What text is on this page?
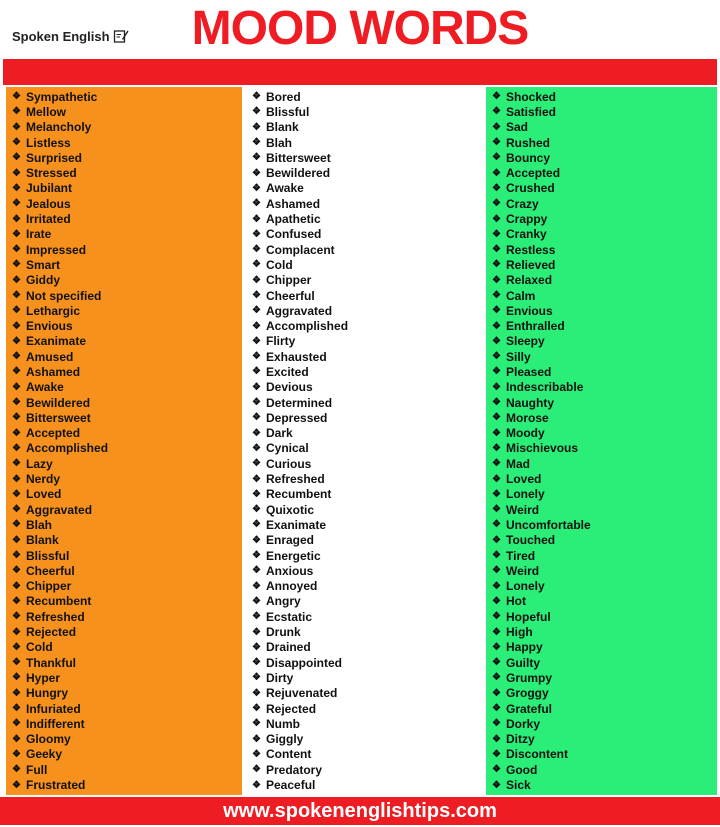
Spoken English	MOOD WORDS
❖ Sympathetic
❖ Mellow
❖ Melancholy
❖ Listless
❖ Surprised
❖ Stressed
❖ Jubilant
❖ Jealous
❖ Irritated
❖ Irate
❖ Impressed
❖ Smart
❖ Giddy
❖ Not specified
❖ Lethargic
❖ Envious
❖ Exanimate
❖ Amused
❖ Ashamed
❖ Awake
❖ Bewildered
❖ Bittersweet
❖ Accepted
❖ Accomplished
❖ Lazy
❖ Nerdy
❖ Loved
❖ Aggravated
❖ Blah
❖ Blank
❖ Blissful
❖ Cheerful
❖ Chipper
❖ Recumbent
❖ Refreshed
❖ Rejected
❖ Cold
❖ Thankful
❖ Hyper
❖ Hungry
❖ Infuriated
❖ Indifferent
❖ Gloomy
❖ Geeky
❖ Full
❖ Frustrated
❖ Bored
❖ Blissful
❖ Blank
❖ Blah
❖ Bittersweet
❖ Bewildered
❖ Awake
❖ Ashamed
❖ Apathetic
❖ Confused
❖ Complacent
❖ Cold
❖ Chipper
❖ Cheerful
❖ Aggravated
❖ Accomplished
❖ Flirty
❖ Exhausted
❖ Excited
❖ Devious
❖ Determined
❖ Depressed
❖ Dark
❖ Cynical
❖ Curious
❖ Refreshed
❖ Recumbent
❖ Quixotic
❖ Exanimate
❖ Enraged
❖ Energetic
❖ Anxious
❖ Annoyed
❖ Angry
❖ Ecstatic
❖ Drunk
❖ Drained
❖ Disappointed
❖ Dirty
❖ Rejuvenated
❖ Rejected
❖ Numb
❖ Giggly
❖ Content
❖ Predatory
❖ Peaceful
❖ Shocked
❖ Satisfied
❖ Sad
❖ Rushed
❖ Bouncy
❖ Accepted
❖ Crushed
❖ Crazy
❖ Crappy
❖ Cranky
❖ Restless
❖ Relieved
❖ Relaxed
❖ Calm
❖ Envious
❖ Enthralled
❖ Sleepy
❖ Silly
❖ Pleased
❖ Indescribable
❖ Naughty
❖ Morose
❖ Moody
❖ Mischievous
❖ Mad
❖ Loved
❖ Lonely
❖ Weird
❖ Uncomfortable
❖ Touched
❖ Tired
❖ Weird
❖ Lonely
❖ Hot
❖ Hopeful
❖ High
❖ Happy
❖ Guilty
❖ Grumpy
❖ Groggy
❖ Grateful
❖ Dorky
❖ Ditzy
❖ Discontent
❖ Good
❖ Sick
www.spokenenglishtips.com
